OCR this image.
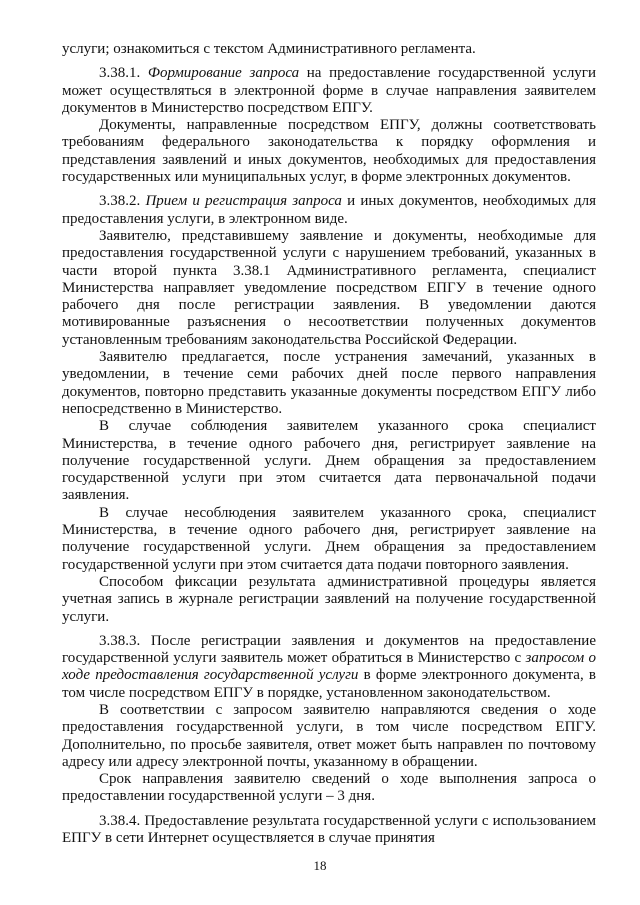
услуги; ознакомиться с текстом Административного регламента.

3.38.1. Формирование запроса на предоставление государственной услуги может осуществляться в электронной форме в случае направления заявителем документов в Министерство посредством ЕПГУ.

Документы, направленные посредством ЕПГУ, должны соответствовать требованиям федерального законодательства к порядку оформления и представления заявлений и иных документов, необходимых для предоставления государственных или муниципальных услуг, в форме электронных документов.

3.38.2. Прием и регистрация запроса и иных документов, необходимых для предоставления услуги, в электронном виде.

Заявителю, представившему заявление и документы, необходимые для предоставления государственной услуги с нарушением требований, указанных в части второй пункта 3.38.1 Административного регламента, специалист Министерства направляет уведомление посредством ЕПГУ в течение одного рабочего дня после регистрации заявления. В уведомлении даются мотивированные разъяснения о несоответствии полученных документов установленным требованиям законодательства Российской Федерации.

Заявителю предлагается, после устранения замечаний, указанных в уведомлении, в течение семи рабочих дней после первого направления документов, повторно представить указанные документы посредством ЕПГУ либо непосредственно в Министерство.

В случае соблюдения заявителем указанного срока специалист Министерства, в течение одного рабочего дня, регистрирует заявление на получение государственной услуги. Днем обращения за предоставлением государственной услуги при этом считается дата первоначальной подачи заявления.

В случае несоблюдения заявителем указанного срока, специалист Министерства, в течение одного рабочего дня, регистрирует заявление на получение государственной услуги. Днем обращения за предоставлением государственной услуги при этом считается дата подачи повторного заявления.

Способом фиксации результата административной процедуры является учетная запись в журнале регистрации заявлений на получение государственной услуги.

3.38.3. После регистрации заявления и документов на предоставление государственной услуги заявитель может обратиться в Министерство с запросом о ходе предоставления государственной услуги в форме электронного документа, в том числе посредством ЕПГУ в порядке, установленном законодательством.

В соответствии с запросом заявителю направляются сведения о ходе предоставления государственной услуги, в том числе посредством ЕПГУ. Дополнительно, по просьбе заявителя, ответ может быть направлен по почтовому адресу или адресу электронной почты, указанному в обращении.

Срок направления заявителю сведений о ходе выполнения запроса о предоставлении государственной услуги – 3 дня.

3.38.4. Предоставление результата государственной услуги с использованием ЕПГУ в сети Интернет осуществляется в случае принятия

18
